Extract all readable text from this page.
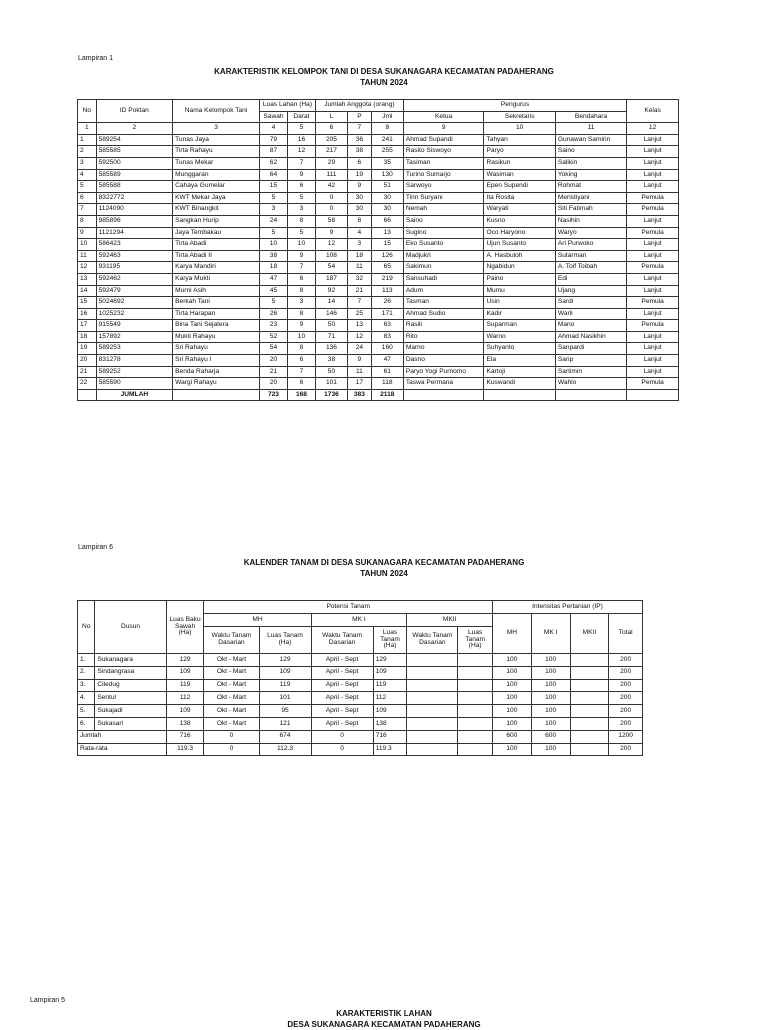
Lampiran 1
KARAKTERISTIK KELOMPOK TANI DI DESA SUKANAGARA KECAMATAN PADAHERANG
TAHUN 2024
No	ID Poktan	Nama Kelompok Tani	Luas Lahan (Ha)		Jumlah Anggota (orang)			Pengurus			Kelas
			Sawah	Darat	L	P	Jml	Ketua	Sekretaris	Bendahara	
1	2	3	4	5	6	7	8	9	10	11	12
1	589254	Tunas Jaya	79	16	205	36	241	Ahmad Supandi	Tahyan	Gunawan Samirin	Lanjut
2	585585	Tirta Rahayu	87	12	217	38	255	Rasito Siswoyo	Paryo	Saino	Lanjut
3	592500	Tunas Mekar	62	7	29	6	35	Tasiman	Rasikun	Salikin	Lanjut
4	585589	Munggaran	64	9	111	19	130	Turino Sumarjo	Wasiman	Yoking	Lanjut
5	585588	Cahaya Gumelar	15	6	42	9	51	Sarwoyo	Epen Supendi	Rohmat	Lanjut
6	8322772	KWT Mekar Jaya	5	5	0	30	30	Tirin Suryani	Ita Rosita	Meristiyani	Pemula
7	1124090	KWT Binangkit	3	3	0	30	30	Nemah	Waryati	Siti Fatimah	Pemula
8	985896	Sangkan Hurip	24	8	58	8	66	Saino	Kusno	Nasihin	Lanjut
9	1121294	Jaya Tembakau	5	5	9	4	13	Sugino	Oco Haryono	Waryo	Pemula
10	586423	Tirta Abadi	10	10	12	3	15	Eko Susanto	Ujun Susanto	Ari Purwoko	Lanjut
11	592463	Tirta Abadi II	38	9	108	18	126	Madjukri	A. Hasbuloh	Sutarman	Lanjut
12	931195	Karya Mandiri	18	7	54	11	65	Sakimun	Ngabidun	A. Toif Toibah	Pemula
13	592462	Karya Mukti	47	6	187	32	219	Sansuhadi	Paino	Edi	Lanjut
14	592479	Murni Asih	45	8	92	21	113	Adum	Mumu	Ujang	Lanjut
15	5024692	Berkah Tani	5	3	14	7	26	Tasman	Usin	Sardi	Pemula
16	1025232	Tirta Harapan	26	8	146	25	171	Ahmad Sudio	Kadir	Warli	Lanjut
17	915549	Bina Tani Sejatera	23	9	50	13	63	Rasili	Suparman	Mano	Pemula
18	157892	Mukti Rahayu	52	10	71	12	83	Rito	Warno	Ahmad Nasikhin	Lanjut
19	589253	Sri Rahayu	54	8	136	24	160	Marno	Suhyanto	Sanpardi	Lanjut
20	831278	Sri Rahayu I	20	6	38	9	47	Dasno	Ela	Sarip	Lanjut
21	589252	Benda Raharja	21	7	50	11	61	Paryo Yogi Purnomo	Kartoji	Sartimin	Lanjut
22	585590	Wargi Rahayu	20	6	101	17	118	Taswa Permana	Kuswandi	Wahlo	Pemula
	JUMLAH		723	168	1736	383	2118				
Lampiran 6
KALENDER TANAM DI DESA SUKANAGARA KECAMATAN PADAHERANG
TAHUN 2024
No	Dusun	Luas Baku Sawah (Ha)	Potensi Tanam						Intensitas Pertanian (IP)			
			MH		MK I		MKII		MH	MK I	MKII	Total
			Waktu Tanam Dasarian	Luas Tanam (Ha)	Waktu Tanam Dasarian	Luas Tanam (Ha)	Waktu Tanam Dasarian	Luas Tanam (Ha)				
1.	Sukanagara	129	Okt - Mart	129	April - Sept	129			100	100		200
2.	Sindangrasa	109	Okt - Mart	109	April - Sept	109			100	100		200
3.	Ciledug	119	Okt - Mart	119	April - Sept	119			100	100		200
4.	Sentul	112	Okt - Mart	101	April - Sept	112			100	100		200
5.	Sukajadi	109	Okt - Mart	95	April - Sept	109			100	100		200
6.	Sukasari	138	Okt - Mart	121	April - Sept	138			100	100		200
Jumlah		716	0	674	0	716			600	600		1200
Rata-rata		119.3	0	112.3	0	119.3			100	100		200
Lampiran 5
KARAKTERISTIK LAHAN
DESA SUKANAGARA KECAMATAN PADAHERANG
